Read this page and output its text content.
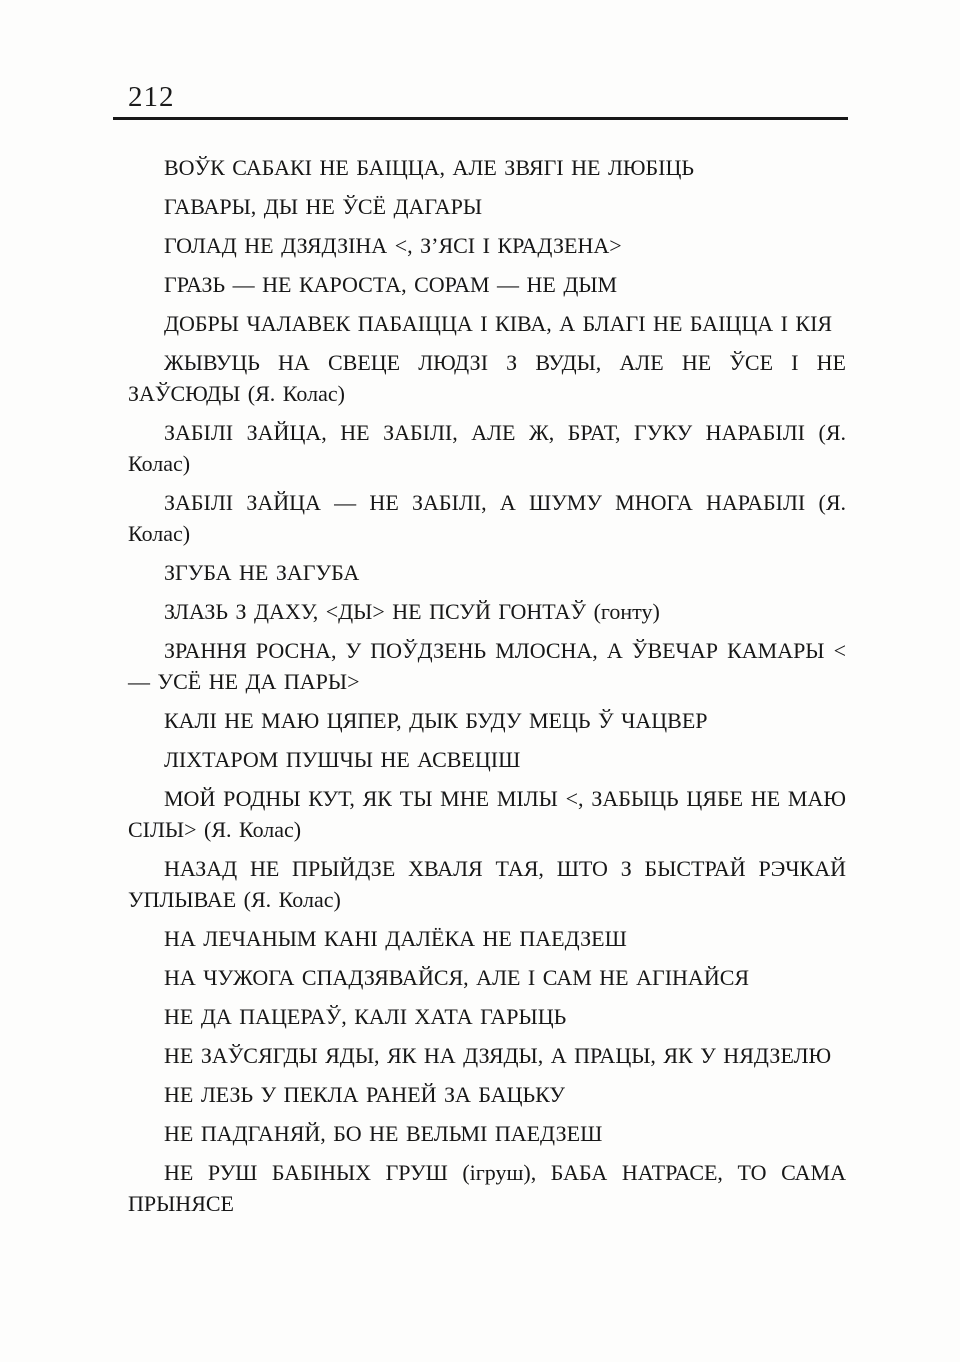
212

ВОЎК САБАКІ НЕ БАІЦЦА, АЛЕ ЗВЯГІ НЕ ЛЮБІЦЬ

ГАВАРЫ, ДЫ НЕ ЎСЁ ДАГАРЫ

ГОЛАД НЕ ДЗЯДЗІНА <, З’ЯСІ І КРАДЗЕНА>

ГРАЗЬ — НЕ КАРОСТА, СОРАМ — НЕ ДЫМ

ДОБРЫ ЧАЛАВЕК ПАБАІЦЦА І КІВА, А БЛАГІ НЕ БАІЦЦА І КІЯ

ЖЫВУЦЬ НА СВЕЦЕ ЛЮДЗІ З ВУДЫ, АЛЕ НЕ ЎСЕ І НЕ ЗАЎСЮДЫ (Я. Колас)

ЗАБІЛІ ЗАЙЦА, НЕ ЗАБІЛІ, АЛЕ Ж, БРАТ, ГУКУ НАРАБІЛІ (Я. Колас)

ЗАБІЛІ ЗАЙЦА — НЕ ЗАБІЛІ, А ШУМУ МНОГА НАРАБІЛІ (Я. Колас)

ЗГУБА НЕ ЗАГУБА

ЗЛАЗЬ З ДАХУ, <ДЫ> НЕ ПСУЙ ГОНТАЎ (гонту)

ЗРАННЯ РОСНА, У ПОЎДЗЕНЬ МЛОСНА, А ЎВЕЧАР КАМАРЫ <— УСЁ НЕ ДА ПАРЫ>

КАЛІ НЕ МАЮ ЦЯПЕР, ДЫК БУДУ МЕЦЬ Ў ЧАЦВЕР

ЛІХТАРОМ ПУШЧЫ НЕ АСВЕЦІШ

МОЙ РОДНЫ КУТ, ЯК ТЫ МНЕ МІЛЫ <, ЗАБЫЦЬ ЦЯБЕ НЕ МАЮ СІЛЫ> (Я. Колас)

НАЗАД НЕ ПРЫЙДЗЕ ХВАЛЯ ТАЯ, ШТО З БЫСТРАЙ РЭЧКАЙ УПЛЫВАЕ (Я. Колас)

НА ЛЕЧАНЫМ КАНІ ДАЛЁКА НЕ ПАЕДЗЕШ

НА ЧУЖОГА СПАДЗЯВАЙСЯ, АЛЕ І САМ НЕ АГІНАЙСЯ

НЕ ДА ПАЦЕРАЎ, КАЛІ ХАТА ГАРЫЦЬ

НЕ ЗАЎСЯГДЫ ЯДЫ, ЯК НА ДЗЯДЫ, А ПРАЦЫ, ЯК У НЯДЗЕЛЮ

НЕ ЛЕЗЬ У ПЕКЛА РАНЕЙ ЗА БАЦЬКУ

НЕ ПАДГАНЯЙ, БО НЕ ВЕЛЬМІ ПАЕДЗЕШ

НЕ РУШ БАБІНЫХ ГРУШ (ігруш), БАБА НАТРАСЕ, ТО САМА ПРЫНЯСЕ
